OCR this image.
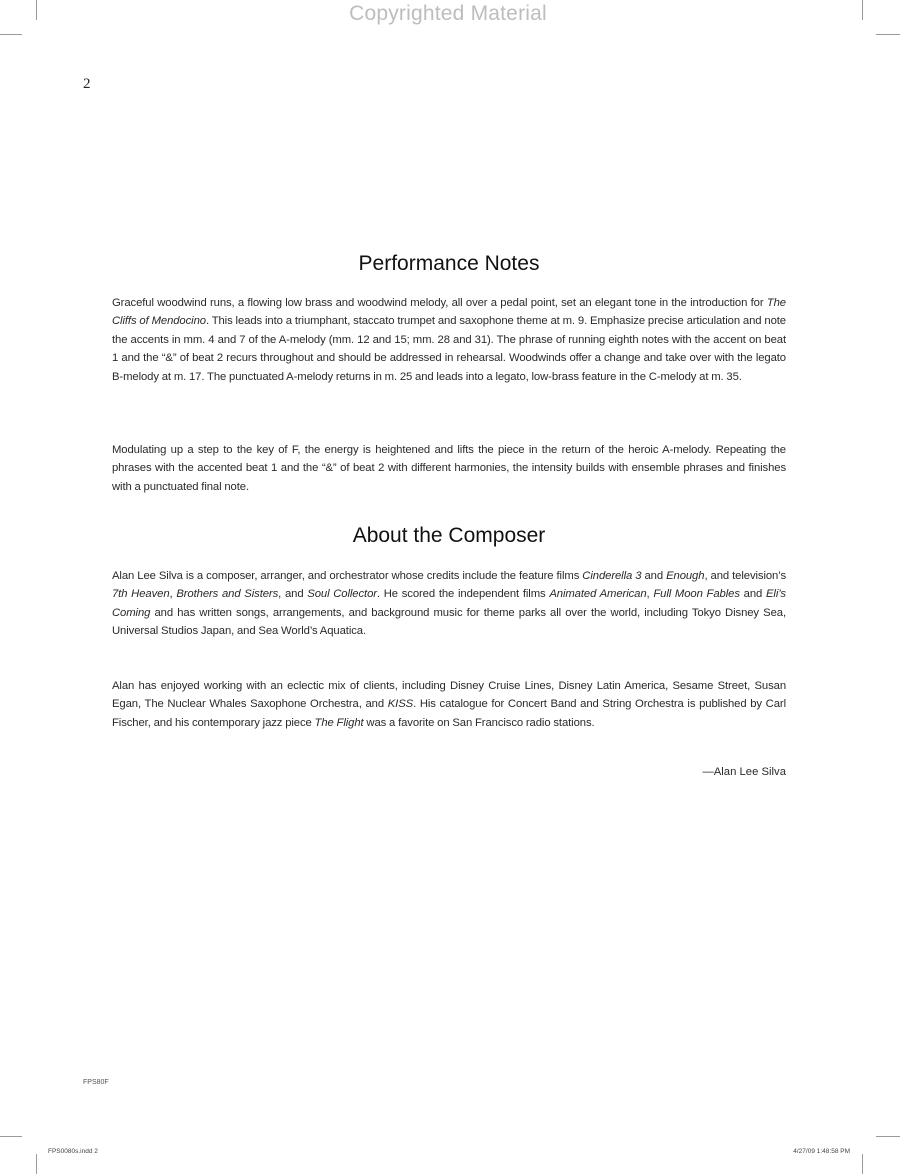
Copyrighted Material
2
Performance Notes

Graceful woodwind runs, a flowing low brass and woodwind melody, all over a pedal point, set an elegant tone in the introduction for The Cliffs of Mendocino. This leads into a triumphant, staccato trumpet and saxophone theme at m. 9. Emphasize precise articulation and note the accents in mm. 4 and 7 of the A-melody (mm. 12 and 15; mm. 28 and 31). The phrase of running eighth notes with the accent on beat 1 and the “&” of beat 2 recurs throughout and should be addressed in rehearsal. Woodwinds offer a change and take over with the legato B-melody at m. 17. The punctuated A-melody returns in m. 25 and leads into a legato, low-brass feature in the C-melody at m. 35.

Modulating up a step to the key of F, the energy is heightened and lifts the piece in the return of the heroic A-melody. Repeating the phrases with the accented beat 1 and the “&” of beat 2 with different harmonies, the intensity builds with ensemble phrases and finishes with a punctuated final note.

About the Composer

Alan Lee Silva is a composer, arranger, and orchestrator whose credits include the feature films Cinderella 3 and Enough, and television’s 7th Heaven, Brothers and Sisters, and Soul Collector. He scored the independent films Animated American, Full Moon Fables and Eli’s Coming and has written songs, arrangements, and background music for theme parks all over the world, including Tokyo Disney Sea, Universal Studios Japan, and Sea World’s Aquatica.

Alan has enjoyed working with an eclectic mix of clients, including Disney Cruise Lines, Disney Latin America, Sesame Street, Susan Egan, The Nuclear Whales Saxophone Orchestra, and KISS. His catalogue for Concert Band and String Orchestra is published by Carl Fischer, and his contemporary jazz piece The Flight was a favorite on San Francisco radio stations.

—Alan Lee Silva
FPS80F
FPS0080s.indd 2	4/27/09 1:48:58 PM
